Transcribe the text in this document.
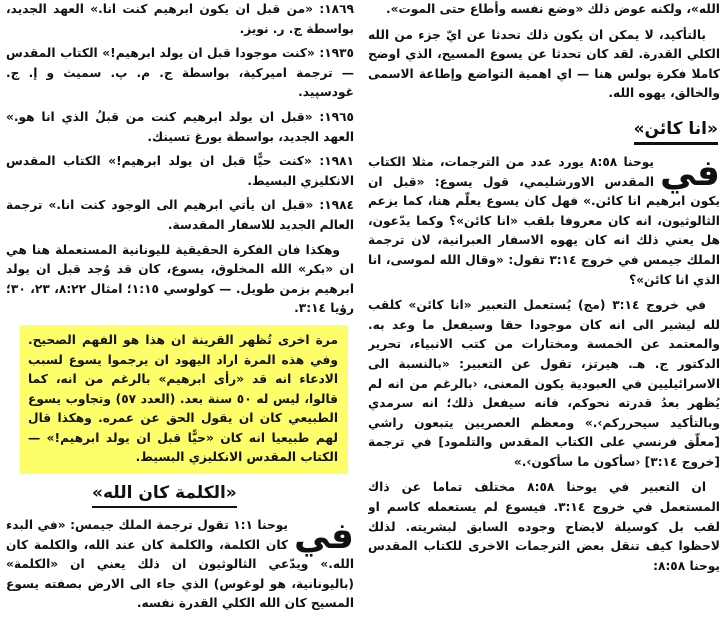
الله»، ولكنه عوض ذلك «وضع نفسه وأطاع حتى الموت».

بالتأكيد، لا يمكن ان يكون ذلك تحدثا عن ايّ جزء من الله الكلي القدرة. لقد كان تحدثا عن يسوع المسيح، الذي اوضح كاملا فكرة بولس هنا — اي اهمية التواضع وإطاعة الاسمى والخالق، يهوه الله.

«انا كائن»

في
يوحنا ٨:٥٨ يورد عدد من الترجمات، مثلا الكتاب المقدس الاورشليمي، قول يسوع: «قبل ان يكون ابرهيم انا كائن.» فهل كان يسوع يعلّم هنا، كما يزعم الثالوثيون، انه كان معروفا بلقب «انا كائن»؟ وكما يدّعون، هل يعني ذلك انه كان يهوه الاسفار العبرانية، لان ترجمة الملك جيمس في خروج ٣:١٤ تقول: «وقال الله لموسى، انا الذي انا كائن»؟

في خروج ٣:١٤ (مج) يُستعمل التعبير «انا كائن» كلقب لله ليشير الى انه كان موجودا حقا وسيفعل ما وعد به. والمعتمد عن الخمسة ومختارات من كتب الانبياء، تحرير الدكتور ج. هـ. هيرتز، تقول عن التعبير: «بالنسبة الى الاسرائيليين في العبودية يكون المعنى، ‹بالرغم من انه لم يُظهر بعدُ قدرته نحوكم، فانه سيفعل ذلك؛ انه سرمدي وبالتأكيد سيحرركم›.» ومعظم العصريين يتبعون راشي [معلّق فرنسي على الكتاب المقدس والتلمود] في ترجمة [خروج ٣:١٤] ‹سأكون ما سأكون›.»

ان التعبير في يوحنا ٨:٥٨ مختلف تماما عن ذاك المستعمل في خروج ٣:١٤. فيسوع لم يستعمله كاسم او لقب بل كوسيلة لايضاح وجوده السابق لبشريته. لذلك لاحظوا كيف تنقل بعض الترجمات الاخرى للكتاب المقدس يوحنا ٨:٥٨:

١٨٦٩: «من قبل ان يكون ابرهيم كنت انا.» العهد الجديد، بواسطة ج. ر. نويز.

١٩٣٥: «كنت موجودا قبل ان يولد ابرهيم!» الكتاب المقدس — ترجمة اميركية، بواسطة ج. م. پ. سميث و إ. ج. غودسپيد.

١٩٦٥: «قبل ان يولد ابرهيم كنت من قبلُ الذي انا هو.» العهد الجديد، بواسطة يورغ تسينك.

١٩٨١: «كنت حيًّا قبل ان يولد ابرهيم!» الكتاب المقدس الانكليزي البسيط.

١٩٨٤: «قبل ان يأتي ابرهيم الى الوجود كنت انا.» ترجمة العالم الجديد للاسفار المقدسة.

وهكذا فان الفكرة الحقيقية لليونانية المستعملة هنا هي ان «بكر» الله المخلوق، يسوع، كان قد وُجد قبل ان يولد ابرهيم بزمن طويل. — كولوسي ١:١٥؛ امثال ٨:٢٢، ٢٣، ٣٠؛ رؤيا ٣:١٤.

مرة اخرى تُظهر القرينة ان هذا هو الفهم الصحيح. وفي هذه المرة اراد اليهود ان يرجموا يسوع لسبب الادعاء انه قد «رأى ابرهيم» بالرغم من انه، كما قالوا، ليس له ٥٠ سنة بعد. (العدد ٥٧) وتجاوب يسوع الطبيعي كان ان يقول الحق عن عمره. وهكذا قال لهم طبيعيا انه كان «حيًّا قبل ان يولد ابرهيم!» — الكتاب المقدس الانكليزي البسيط.
«الكلمة كان الله»

في
يوحنا ١:١ تقول ترجمة الملك جيمس: «في البدء كان الكلمة، والكلمة كان عند الله، والكلمة كان الله.» ويدّعي الثالوثيون ان ذلك يعني ان «الكلمة» (باليونانية، هو لوغوس) الذي جاء الى الارض بصفته يسوع المسيح كان الله الكلي القدرة نفسه.
